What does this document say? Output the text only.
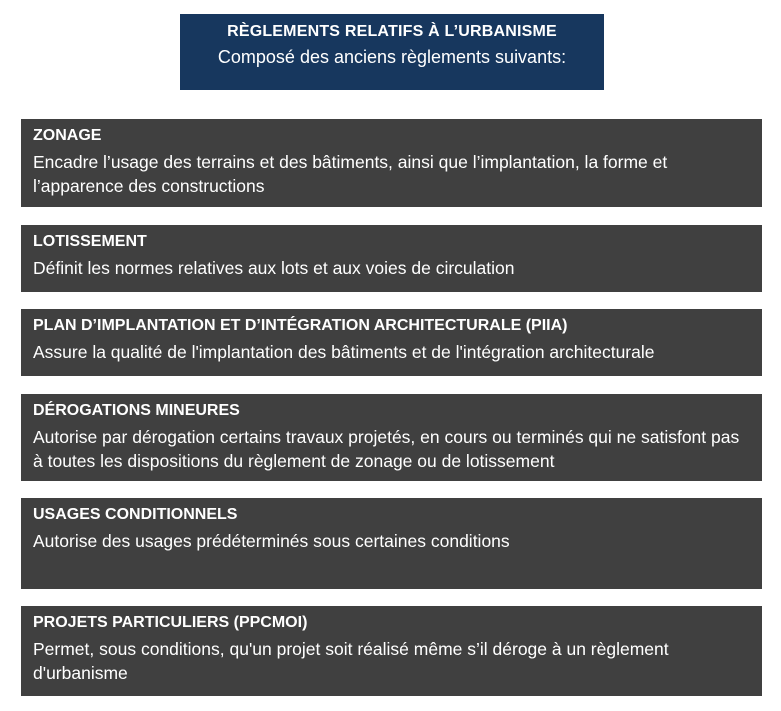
RÈGLEMENTS RELATIFS À L’URBANISME
Composé des anciens règlements suivants:
ZONAGE
Encadre l’usage des terrains et des bâtiments, ainsi que l’implantation, la forme et l’apparence des constructions
LOTISSEMENT
Définit les normes relatives aux lots et aux voies de circulation
PLAN D’IMPLANTATION ET D’INTÉGRATION ARCHITECTURALE (PIIA)
Assure la qualité de l'implantation des bâtiments et de l'intégration architecturale
DÉROGATIONS MINEURES
Autorise par dérogation certains travaux projetés, en cours ou terminés qui ne satisfont pas à toutes les dispositions du règlement de zonage ou de lotissement
USAGES CONDITIONNELS
Autorise des usages prédéterminés sous certaines conditions
PROJETS PARTICULIERS (PPCMOI)
Permet, sous conditions, qu'un projet soit réalisé même s’il déroge à un règlement d'urbanisme
